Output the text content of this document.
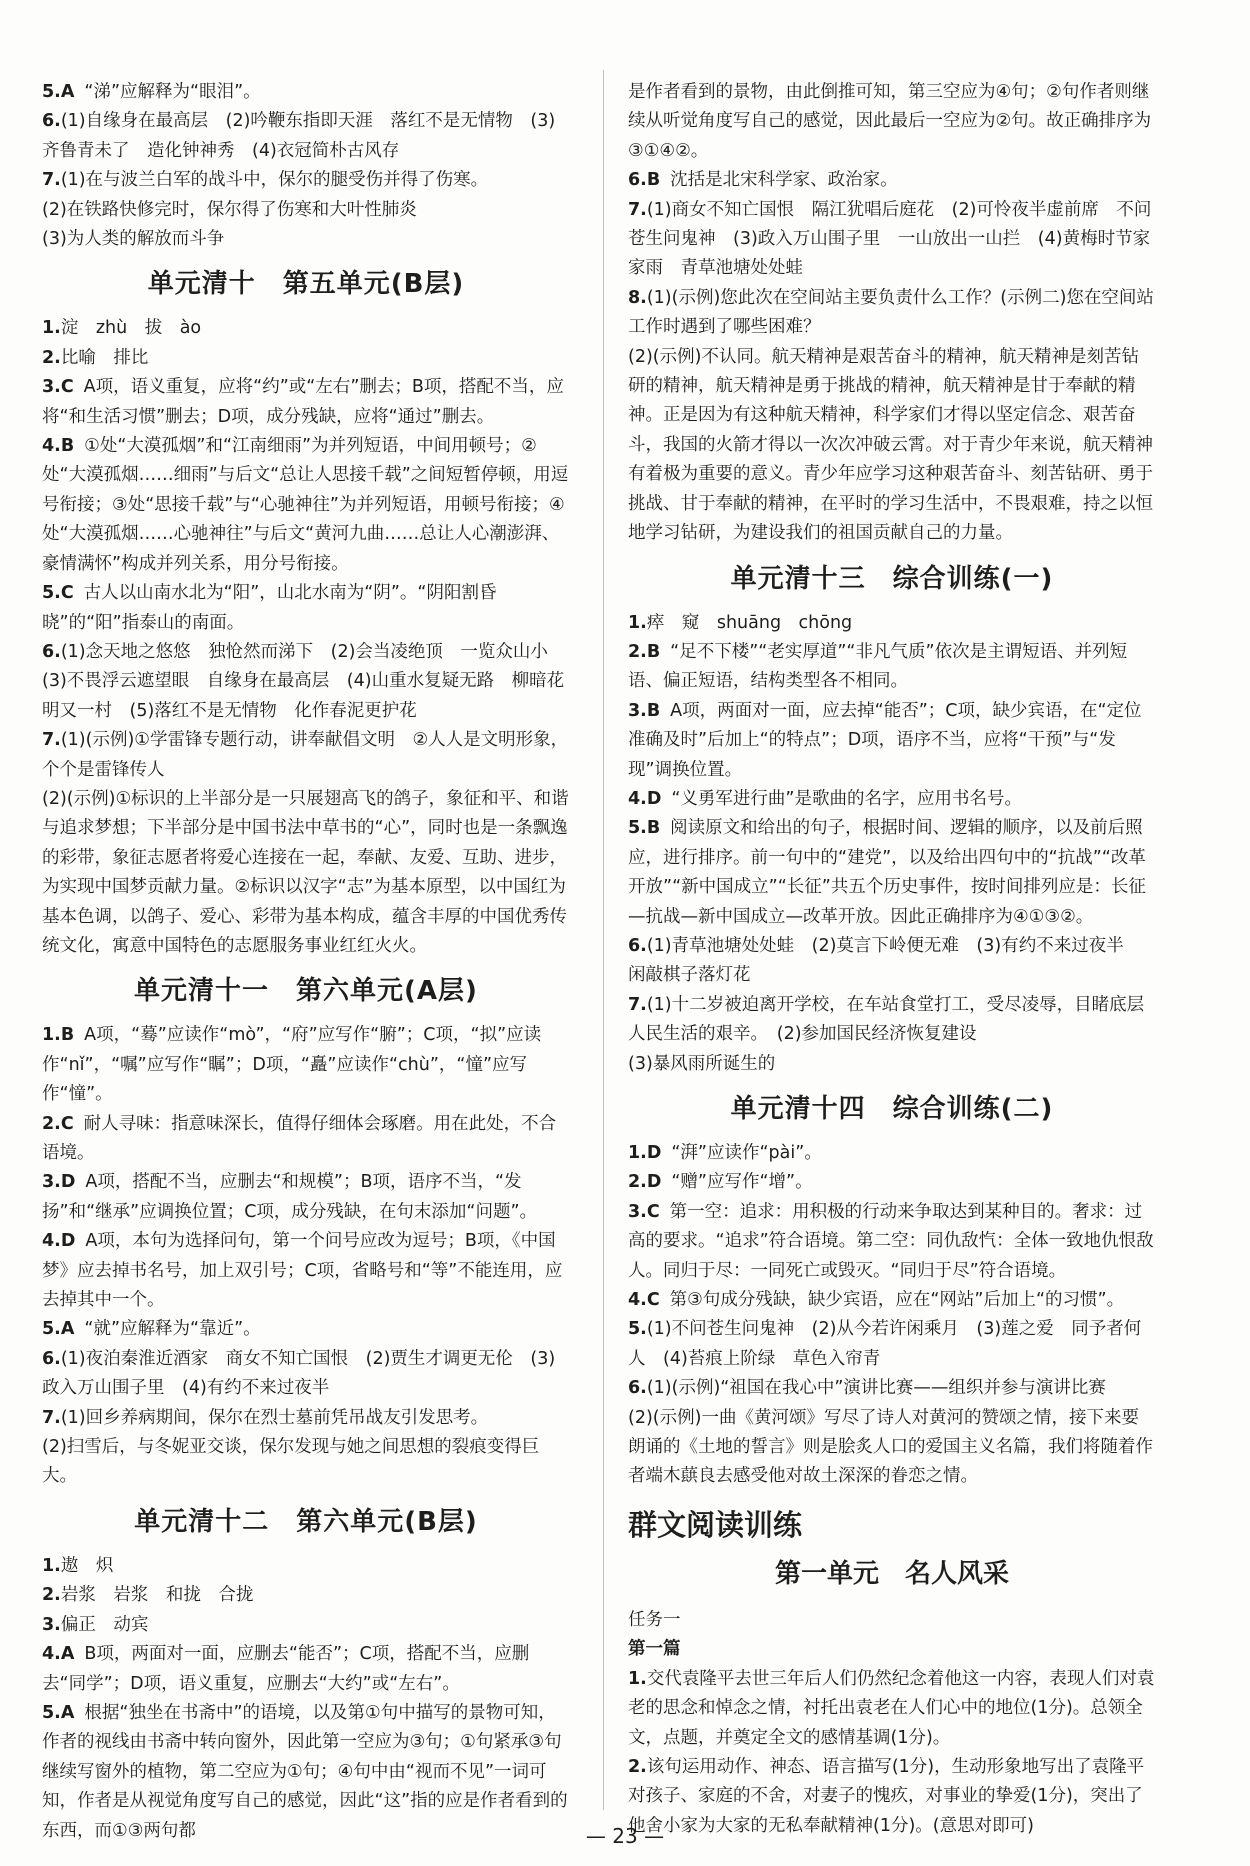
5.A “涕”应解释为“眼泪”。

6.(1)自缘身在最高层　(2)吟鞭东指即天涯　落红不是无情物　(3)齐鲁青未了　造化钟神秀　(4)衣冠简朴古风存

7.(1)在与波兰白军的战斗中，保尔的腿受伤并得了伤寒。

(2)在铁路快修完时，保尔得了伤寒和大叶性肺炎

(3)为人类的解放而斗争

单元清十　第五单元(B层)

1.淀　zhù　拔　ào

2.比喻　排比

3.C A项，语义重复，应将“约”或“左右”删去；B项，搭配不当，应将“和生活习惯”删去；D项，成分残缺，应将“通过”删去。

4.B ①处“大漠孤烟”和“江南细雨”为并列短语，中间用顿号；②处“大漠孤烟……细雨”与后文“总让人思接千载”之间短暂停顿，用逗号衔接；③处“思接千载”与“心驰神往”为并列短语，用顿号衔接；④处“大漠孤烟……心驰神往”与后文“黄河九曲……总让人心潮澎湃、豪情满怀”构成并列关系，用分号衔接。

5.C 古人以山南水北为“阳”，山北水南为“阴”。“阴阳割昏晓”的“阳”指泰山的南面。

6.(1)念天地之悠悠　独怆然而涕下　(2)会当凌绝顶　一览众山小　(3)不畏浮云遮望眼　自缘身在最高层　(4)山重水复疑无路　柳暗花明又一村　(5)落红不是无情物　化作春泥更护花

7.(1)(示例)①学雷锋专题行动，讲奉献倡文明　②人人是文明形象，个个是雷锋传人

(2)(示例)①标识的上半部分是一只展翅高飞的鸽子，象征和平、和谐与追求梦想；下半部分是中国书法中草书的“心”，同时也是一条飘逸的彩带，象征志愿者将爱心连接在一起，奉献、友爱、互助、进步，为实现中国梦贡献力量。②标识以汉字“志”为基本原型，以中国红为基本色调，以鸽子、爱心、彩带为基本构成，蕴含丰厚的中国优秀传统文化，寓意中国特色的志愿服务事业红红火火。

单元清十一　第六单元(A层)

1.B A项，“蓦”应读作“mò”，“府”应写作“腑”；C项，“拟”应读作“nǐ”，“嘱”应写作“瞩”；D项，“矗”应读作“chù”，“憧”应写作“憧”。

2.C 耐人寻味：指意味深长，值得仔细体会琢磨。用在此处，不合语境。

3.D A项，搭配不当，应删去“和规模”；B项，语序不当，“发扬”和“继承”应调换位置；C项，成分残缺，在句末添加“问题”。

4.D A项，本句为选择问句，第一个问号应改为逗号；B项，《中国梦》应去掉书名号，加上双引号；C项，省略号和“等”不能连用，应去掉其中一个。

5.A “就”应解释为“靠近”。

6.(1)夜泊秦淮近酒家　商女不知亡国恨　(2)贾生才调更无伦　(3)政入万山围子里　(4)有约不来过夜半

7.(1)回乡养病期间，保尔在烈士墓前凭吊战友引发思考。

(2)扫雪后，与冬妮亚交谈，保尔发现与她之间思想的裂痕变得巨大。

单元清十二　第六单元(B层)

1.遨　炽

2.岩浆　岩浆　和拢　合拢

3.偏正　动宾

4.A B项，两面对一面，应删去“能否”；C项，搭配不当，应删去“同学”；D项，语义重复，应删去“大约”或“左右”。

5.A 根据“独坐在书斋中”的语境，以及第①句中描写的景物可知，作者的视线由书斋中转向窗外，因此第一空应为③句；①句紧承③句继续写窗外的植物，第二空应为①句；④句中由“视而不见”一词可知，作者是从视觉角度写自己的感觉，因此“这”指的应是作者看到的东西，而①③两句都

是作者看到的景物，由此倒推可知，第三空应为④句；②句作者则继续从听觉角度写自己的感觉，因此最后一空应为②句。故正确排序为③①④②。

6.B 沈括是北宋科学家、政治家。

7.(1)商女不知亡国恨　隔江犹唱后庭花　(2)可怜夜半虚前席　不问苍生问鬼神　(3)政入万山围子里　一山放出一山拦　(4)黄梅时节家家雨　青草池塘处处蛙

8.(1)(示例)您此次在空间站主要负责什么工作？(示例二)您在空间站工作时遇到了哪些困难？

(2)(示例)不认同。航天精神是艰苦奋斗的精神，航天精神是刻苦钻研的精神，航天精神是勇于挑战的精神，航天精神是甘于奉献的精神。正是因为有这种航天精神，科学家们才得以坚定信念、艰苦奋斗，我国的火箭才得以一次次冲破云霄。对于青少年来说，航天精神有着极为重要的意义。青少年应学习这种艰苦奋斗、刻苦钻研、勇于挑战、甘于奉献的精神，在平时的学习生活中，不畏艰难，持之以恒地学习钻研，为建设我们的祖国贡献自己的力量。

单元清十三　综合训练(一)

1.瘁　窥　shuāng　chōng

2.B “足不下楼”“老实厚道”“非凡气质”依次是主谓短语、并列短语、偏正短语，结构类型各不相同。

3.B A项，两面对一面，应去掉“能否”；C项，缺少宾语，在“定位准确及时”后加上“的特点”；D项，语序不当，应将“干预”与“发现”调换位置。

4.D “义勇军进行曲”是歌曲的名字，应用书名号。

5.B 阅读原文和给出的句子，根据时间、逻辑的顺序，以及前后照应，进行排序。前一句中的“建党”，以及给出四句中的“抗战”“改革开放”“新中国成立”“长征”共五个历史事件，按时间排列应是：长征—抗战—新中国成立—改革开放。因此正确排序为④①③②。

6.(1)青草池塘处处蛙　(2)莫言下岭便无难　(3)有约不来过夜半　闲敲棋子落灯花

7.(1)十二岁被迫离开学校，在车站食堂打工，受尽凌辱，目睹底层人民生活的艰辛。　(2)参加国民经济恢复建设

(3)暴风雨所诞生的

单元清十四　综合训练(二)

1.D “湃”应读作“pài”。

2.D “赠”应写作“增”。

3.C 第一空：追求：用积极的行动来争取达到某种目的。奢求：过高的要求。“追求”符合语境。第二空：同仇敌忾：全体一致地仇恨敌人。同归于尽：一同死亡或毁灭。“同归于尽”符合语境。

4.C 第③句成分残缺，缺少宾语，应在“网站”后加上“的习惯”。

5.(1)不问苍生问鬼神　(2)从今若许闲乘月　(3)莲之爱　同予者何人　(4)苔痕上阶绿　草色入帘青

6.(1)(示例)“祖国在我心中”演讲比赛——组织并参与演讲比赛

(2)(示例)一曲《黄河颂》写尽了诗人对黄河的赞颂之情，接下来要朗诵的《土地的誓言》则是脍炙人口的爱国主义名篇，我们将随着作者端木蕻良去感受他对故土深深的眷恋之情。

群文阅读训练
第一单元　名人风采

任务一

第一篇

1.交代袁隆平去世三年后人们仍然纪念着他这一内容，表现人们对袁老的思念和悼念之情，衬托出袁老在人们心中的地位(1分)。总领全文，点题，并奠定全文的感情基调(1分)。

2.该句运用动作、神态、语言描写(1分)，生动形象地写出了袁隆平对孩子、家庭的不舍，对妻子的愧疚，对事业的挚爱(1分)，突出了他舍小家为大家的无私奉献精神(1分)。(意思对即可)

— 23 —
